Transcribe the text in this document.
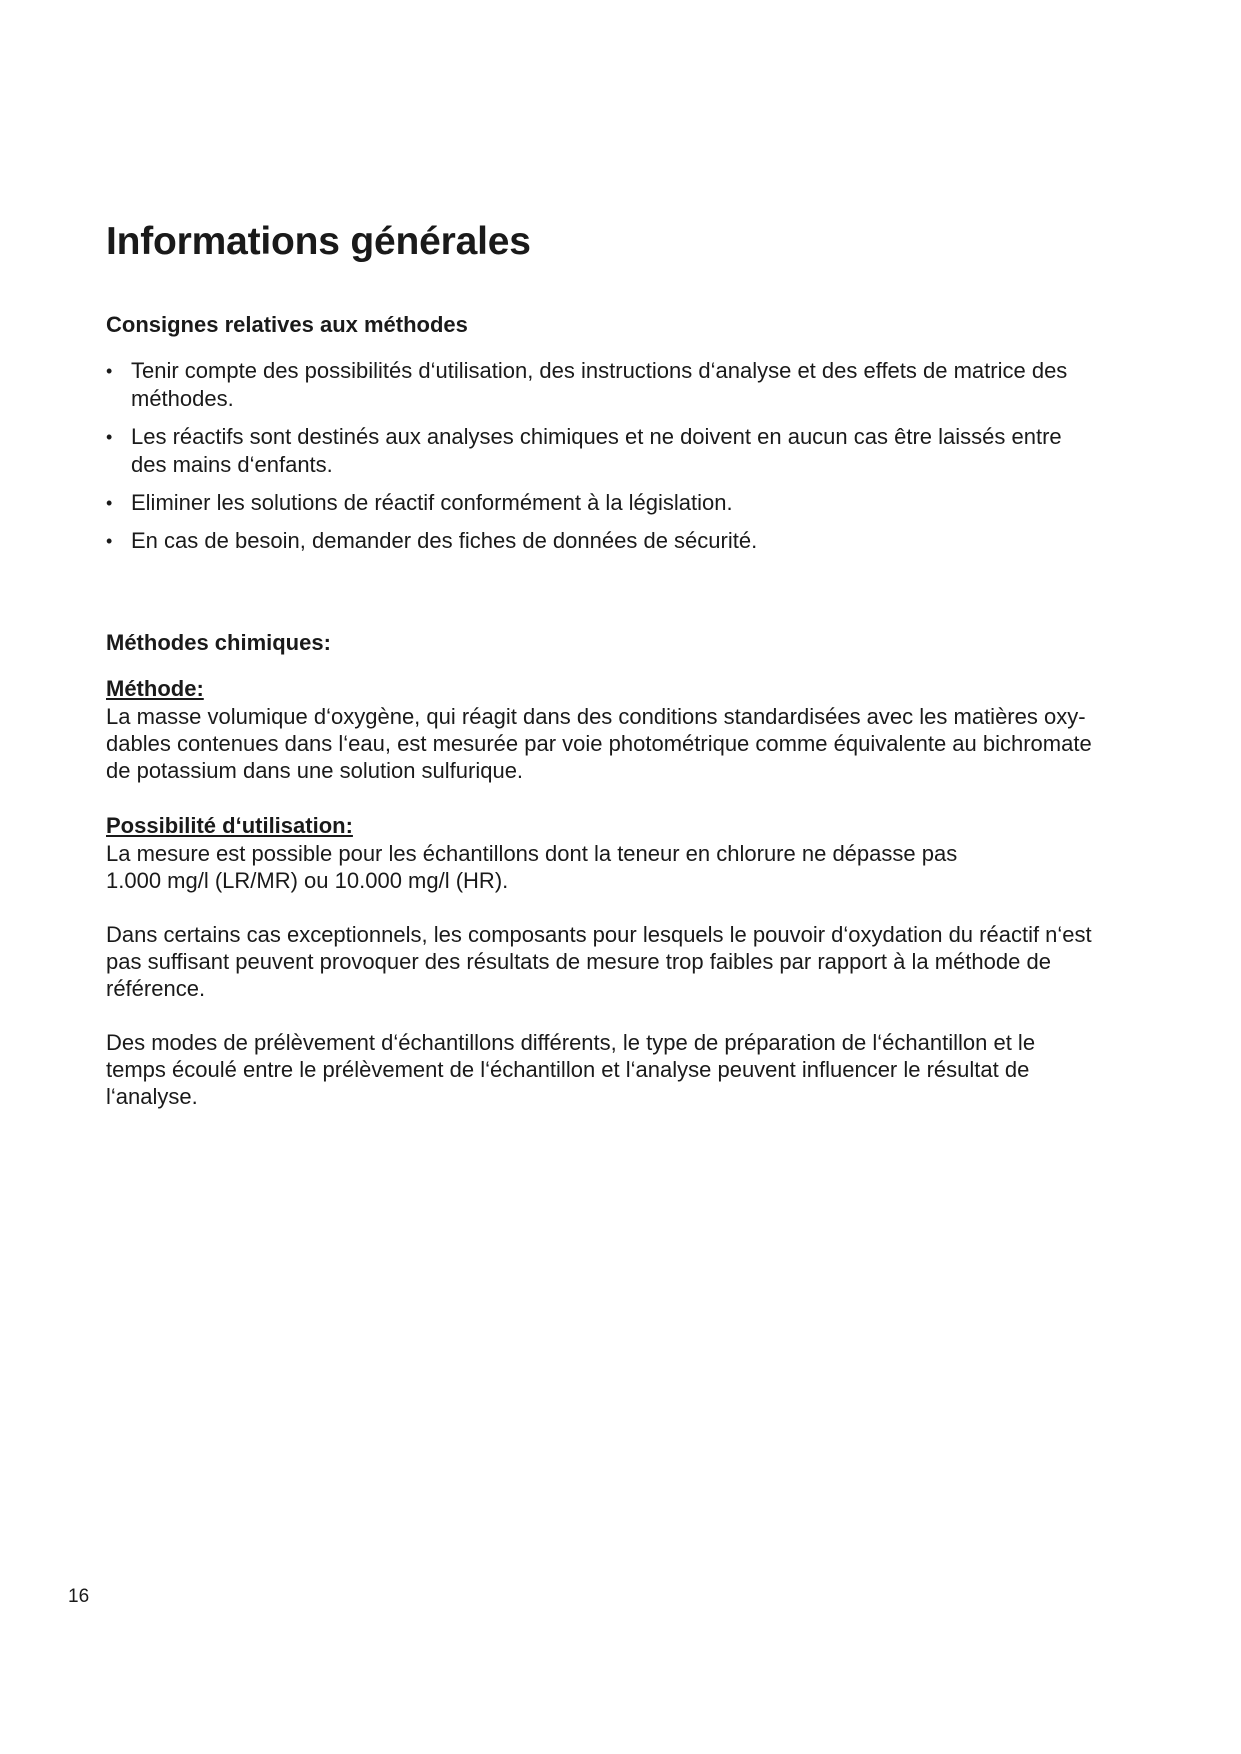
Informations générales
Consignes relatives aux méthodes
• Tenir compte des possibilités d‘utilisation, des instructions d‘analyse et des effets de matrice des
méthodes.
• Les réactifs sont destinés aux analyses chimiques et ne doivent en aucun cas être laissés entre
des mains d‘enfants.
• Eliminer les solutions de réactif conformément à la législation.
• En cas de besoin, demander des fiches de données de sécurité.
Méthodes chimiques:
Méthode:

La masse volumique d‘oxygène, qui réagit dans des conditions standardisées avec les matières oxy-
dables contenues dans l‘eau, est mesurée par voie photométrique comme équivalente au bichromate
de potassium dans une solution sulfurique.

Possibilité d‘utilisation:

La mesure est possible pour les échantillons dont la teneur en chlorure ne dépasse pas
1.000 mg/l (LR/MR) ou 10.000 mg/l (HR).

Dans certains cas exceptionnels, les composants pour lesquels le pouvoir d‘oxydation du réactif n‘est
pas suffisant peuvent provoquer des résultats de mesure trop faibles par rapport à la méthode de
référence.

Des modes de prélèvement d‘échantillons différents, le type de préparation de l‘échantillon et le
temps écoulé entre le prélèvement de l‘échantillon et l‘analyse peuvent influencer le résultat de
l‘analyse.

16
